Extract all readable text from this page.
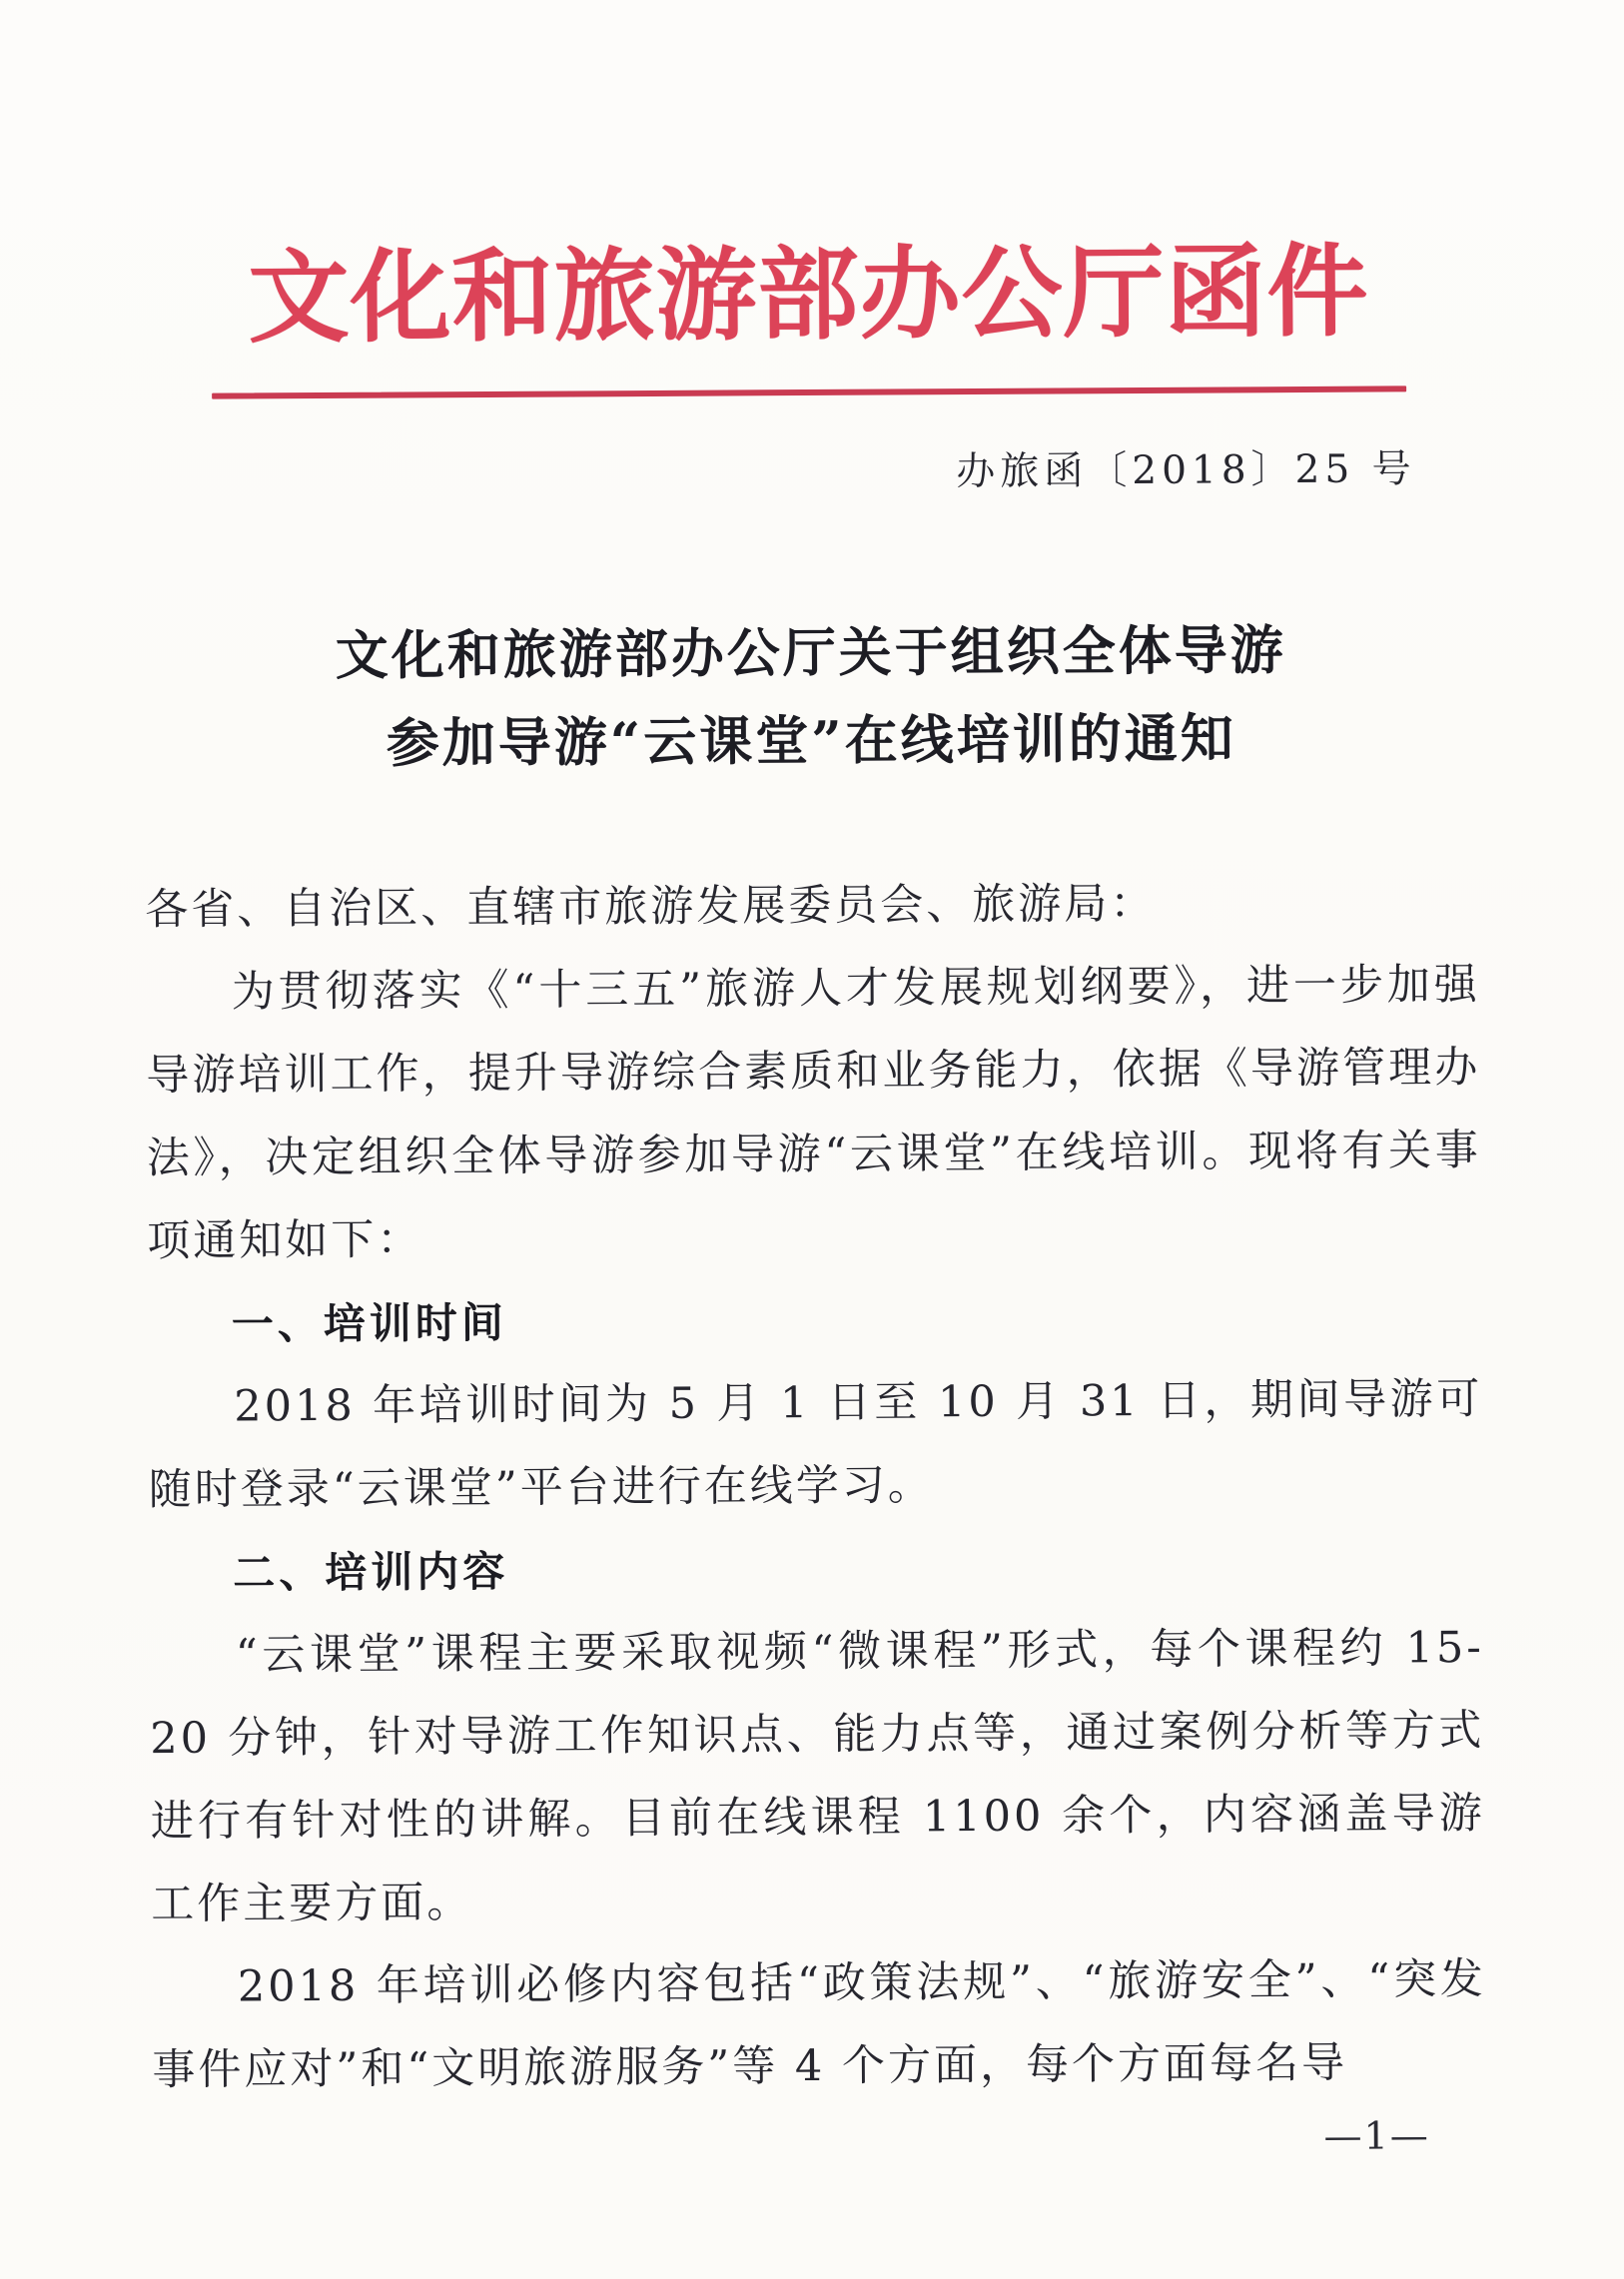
文化和旅游部办公厅函件
办旅函〔2018〕25 号
文化和旅游部办公厅关于组织全体导游
参加导游“云课堂”在线培训的通知

各省、自治区、直辖市旅游发展委员会、旅游局：

为贯彻落实《“十三五”旅游人才发展规划纲要》，进一步加强导游培训工作，提升导游综合素质和业务能力，依据《导游管理办法》，决定组织全体导游参加导游“云课堂”在线培训。现将有关事项通知如下：

一、培训时间

2018 年培训时间为 5 月 1 日至 10 月 31 日，期间导游可随时登录“云课堂”平台进行在线学习。

二、培训内容

“云课堂”课程主要采取视频“微课程”形式，每个课程约 15-20 分钟，针对导游工作知识点、能力点等，通过案例分析等方式进行有针对性的讲解。目前在线课程 1100 余个，内容涵盖导游工作主要方面。

2018 年培训必修内容包括“政策法规”、“旅游安全”、“突发事件应对”和“文明旅游服务”等 4 个方面，每个方面每名导

—1—
